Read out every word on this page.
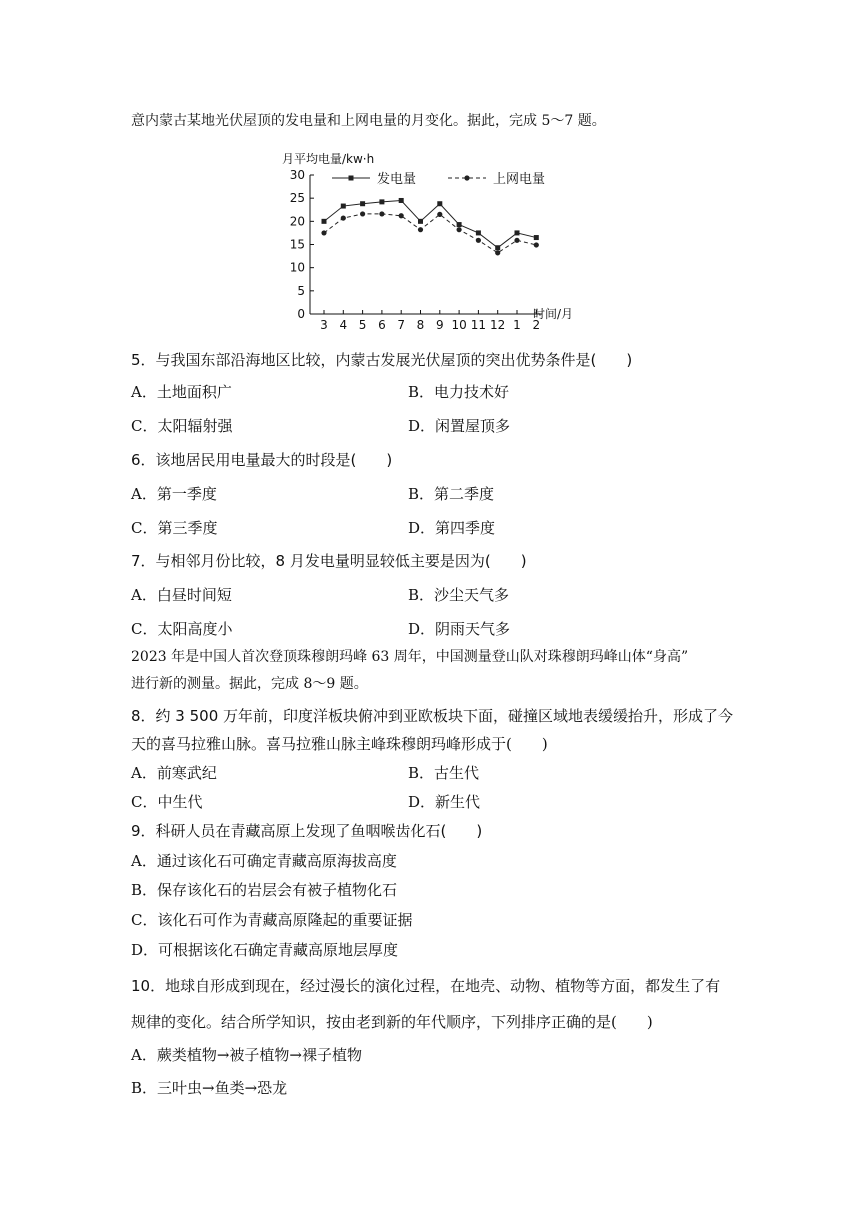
意内蒙古某地光伏屋顶的发电量和上网电量的月变化。据此，完成 5～7 题。
月平均电量/kw·h
0
5
10
15
20
25
30
3 4 5 6 7 8 9 10 11 12 1 2
发电量	上网电量
时间/月
5．与我国东部沿海地区比较，内蒙古发展光伏屋顶的突出优势条件是(　　)
A．土地面积广	B．电力技术好
C．太阳辐射强	D．闲置屋顶多
6．该地居民用电量最大的时段是(　　)
A．第一季度	B．第二季度
C．第三季度	D．第四季度
7．与相邻月份比较，8 月发电量明显较低主要是因为(　　)
A．白昼时间短	B．沙尘天气多
C．太阳高度小	D．阴雨天气多
2023 年是中国人首次登顶珠穆朗玛峰 63 周年，中国测量登山队对珠穆朗玛峰山体“身高”
进行新的测量。据此，完成 8～9 题。
8．约 3 500 万年前，印度洋板块俯冲到亚欧板块下面，碰撞区域地表缓缓抬升，形成了今
天的喜马拉雅山脉。喜马拉雅山脉主峰珠穆朗玛峰形成于(　　)
A．前寒武纪	B．古生代
C．中生代	D．新生代
9．科研人员在青藏高原上发现了鱼咽喉齿化石(　　)
A．通过该化石可确定青藏高原海拔高度
B．保存该化石的岩层会有被子植物化石
C．该化石可作为青藏高原隆起的重要证据
D．可根据该化石确定青藏高原地层厚度
10．地球自形成到现在，经过漫长的演化过程，在地壳、动物、植物等方面，都发生了有
规律的变化。结合所学知识，按由老到新的年代顺序，下列排序正确的是(　　)
A．蕨类植物→被子植物→裸子植物
B．三叶虫→鱼类→恐龙
